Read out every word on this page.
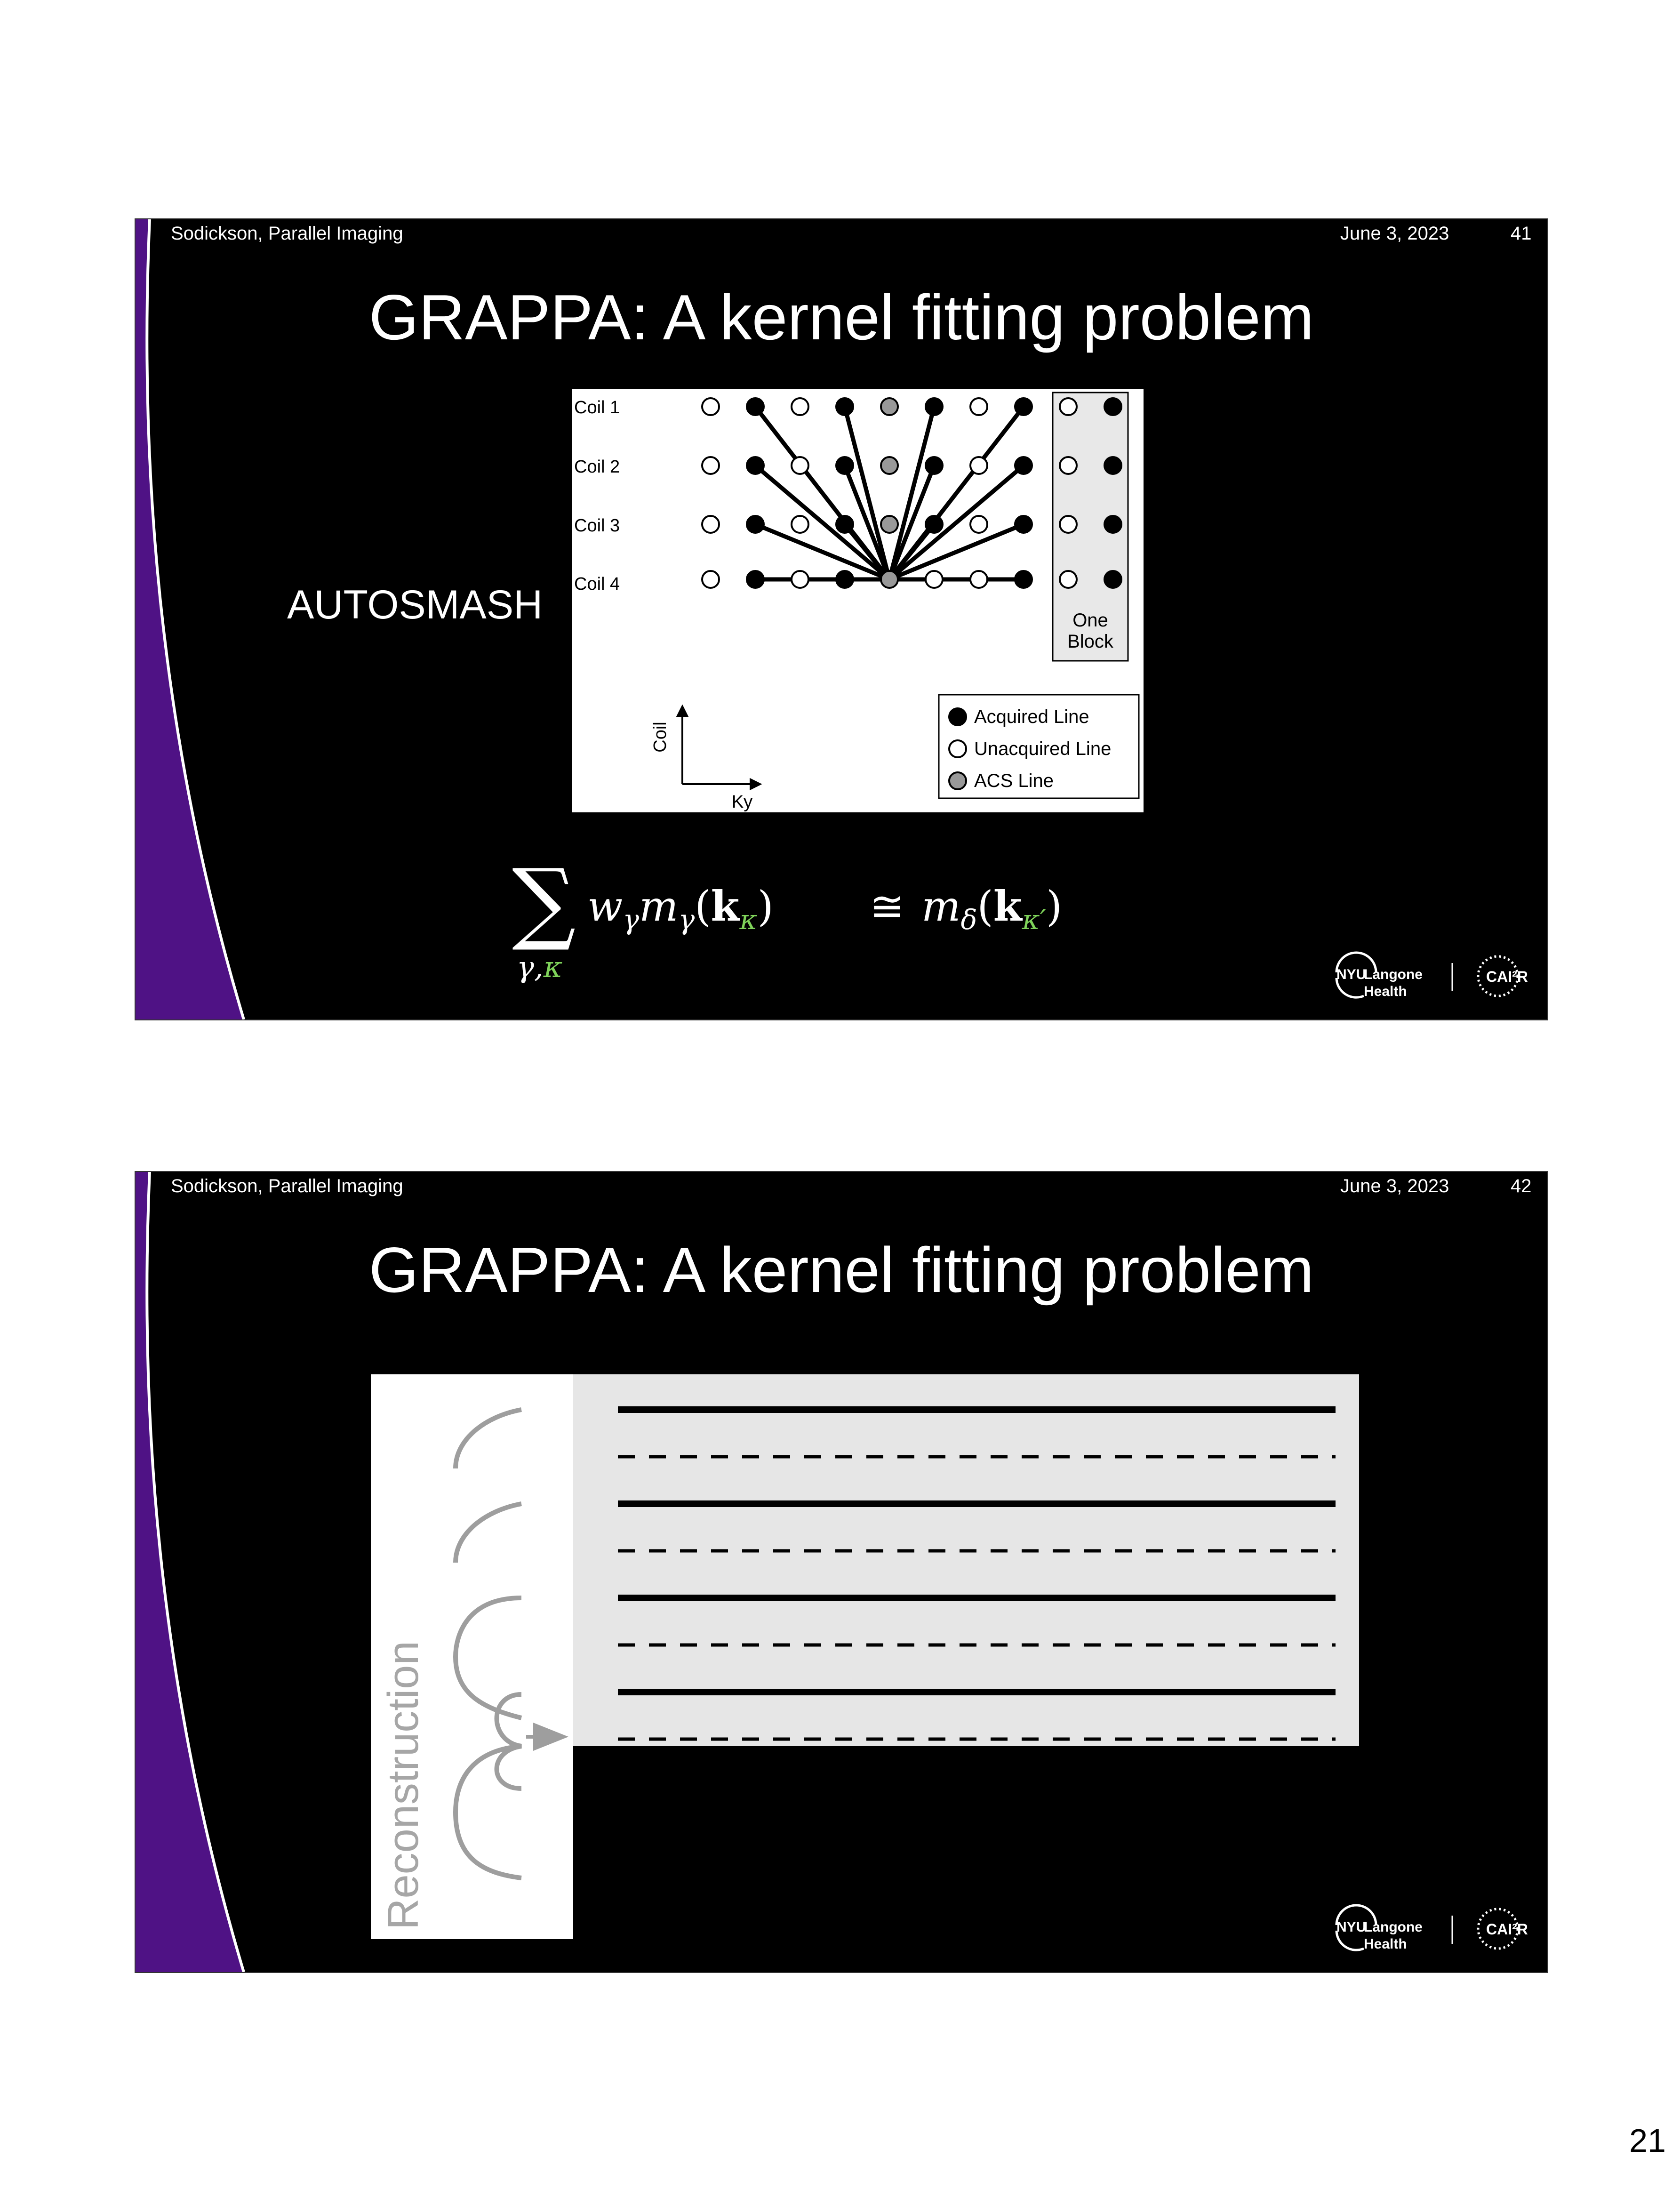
Sodickson, Parallel Imaging	June 3, 2023	41
GRAPPA: A kernel fitting problem
AUTOSMASH
Coil 1
Coil 2
Coil 3
Coil 4
One
Block
Coil
Ky
Acquired Line
Unacquired Line
ACS Line
∑
γ,κ
$w_\gamma m_\gamma(k_\kappa)$ ≅ $m_\delta(k_{\kappa'})$
NYU
Langone
Health
CAI²R
Sodickson, Parallel Imaging	June 3, 2023	42
GRAPPA: A kernel fitting problem
Reconstruction	NYU
Langone
Health
CAI²R
21
